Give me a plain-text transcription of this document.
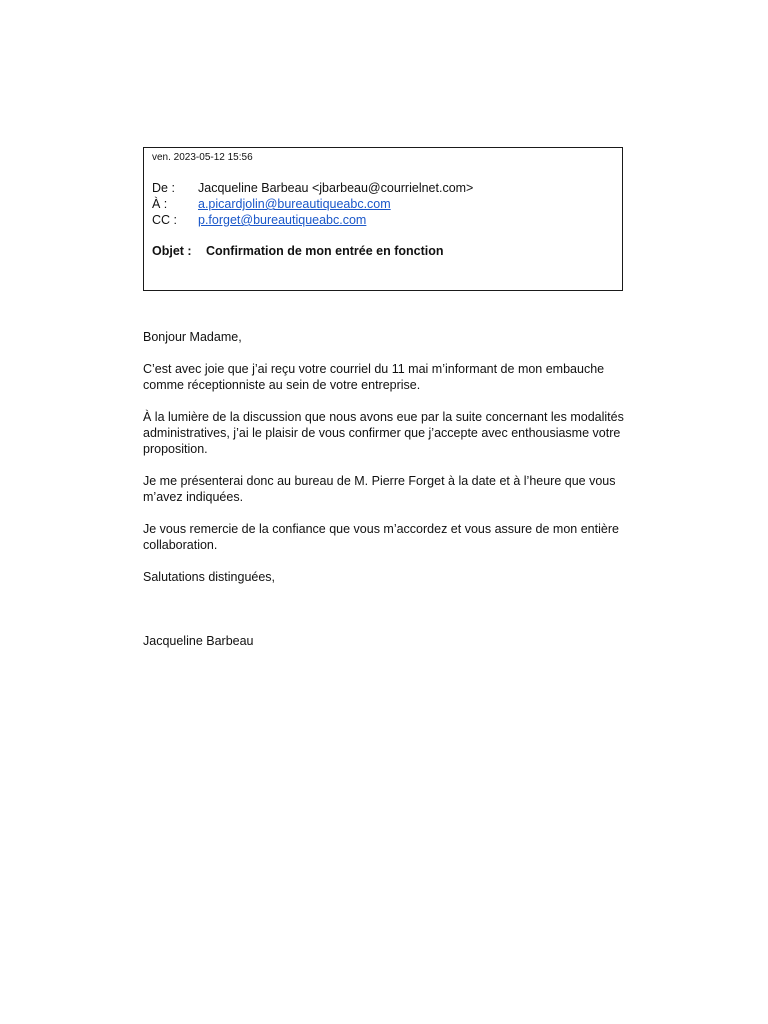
ven. 2023-05-12 15:56
De : Jacqueline Barbeau <jbarbeau@courrielnet.com>
À : a.picardjolin@bureautiqueabc.com
CC : p.forget@bureautiqueabc.com
Objet : Confirmation de mon entrée en fonction

Bonjour Madame,

C’est avec joie que j’ai reçu votre courriel du 11 mai m’informant de mon embauche comme réceptionniste au sein de votre entreprise.

À la lumière de la discussion que nous avons eue par la suite concernant les modalités administratives, j’ai le plaisir de vous confirmer que j’accepte avec enthousiasme votre proposition.

Je me présenterai donc au bureau de M. Pierre Forget à la date et à l’heure que vous m’avez indiquées.

Je vous remercie de la confiance que vous m’accordez et vous assure de mon entière collaboration.

Salutations distinguées,

Jacqueline Barbeau
